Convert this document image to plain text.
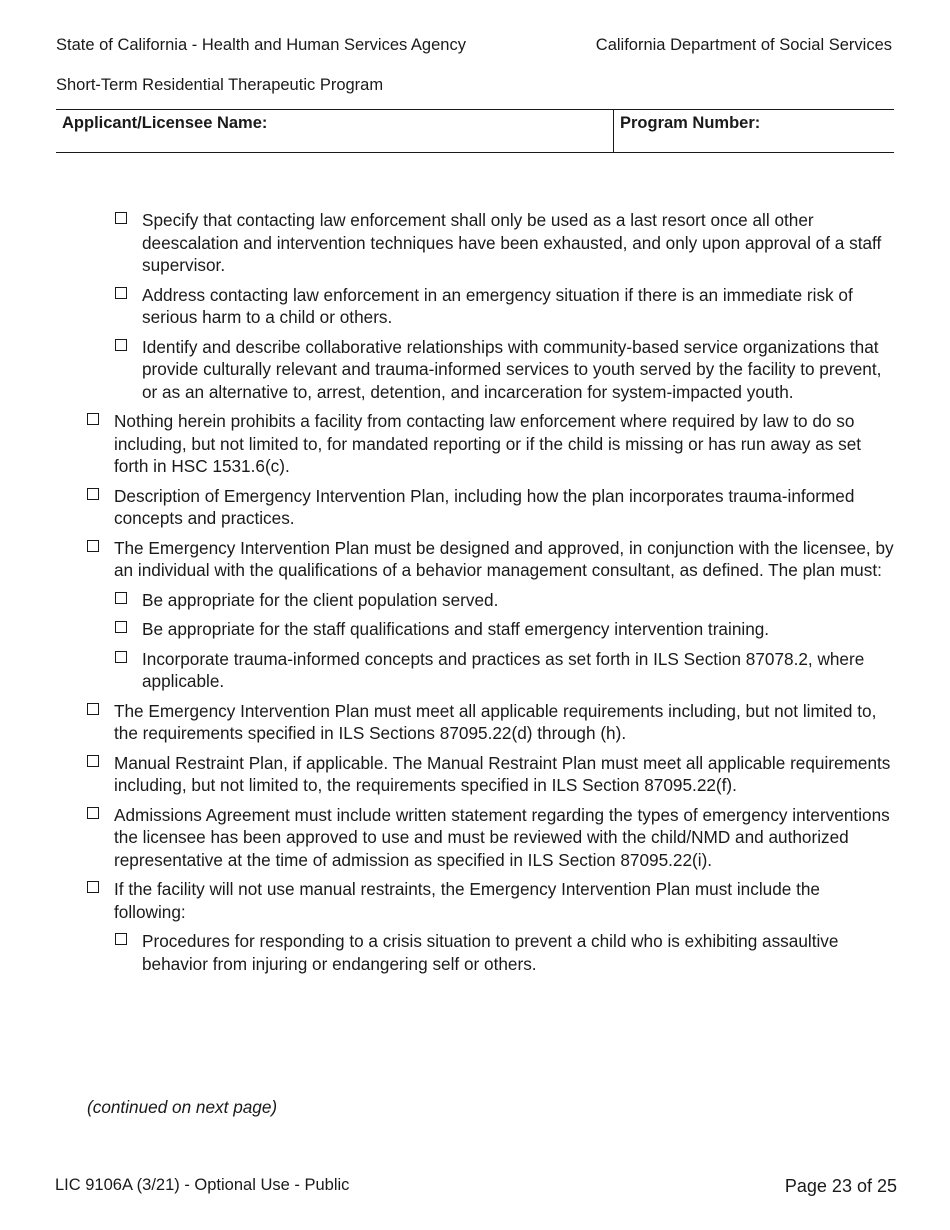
State of California - Health and Human Services Agency	California Department of Social Services
Short-Term Residential Therapeutic Program
Applicant/Licensee Name:	Program Number:
Specify that contacting law enforcement shall only be used as a last resort once all other deescalation and intervention techniques have been exhausted, and only upon approval of a staff supervisor.
Address contacting law enforcement in an emergency situation if there is an immediate risk of serious harm to a child or others.
Identify and describe collaborative relationships with community-based service organizations that provide culturally relevant and trauma-informed services to youth served by the facility to prevent, or as an alternative to, arrest, detention, and incarceration for system-impacted youth.
Nothing herein prohibits a facility from contacting law enforcement where required by law to do so including, but not limited to, for mandated reporting or if the child is missing or has run away as set forth in HSC 1531.6(c).
Description of Emergency Intervention Plan, including how the plan incorporates trauma-informed concepts and practices.
The Emergency Intervention Plan must be designed and approved, in conjunction with the licensee, by an individual with the qualifications of a behavior management consultant, as defined. The plan must:
Be appropriate for the client population served.
Be appropriate for the staff qualifications and staff emergency intervention training.
Incorporate trauma-informed concepts and practices as set forth in ILS Section 87078.2, where applicable.
The Emergency Intervention Plan must meet all applicable requirements including, but not limited to, the requirements specified in ILS Sections 87095.22(d) through (h).
Manual Restraint Plan, if applicable. The Manual Restraint Plan must meet all applicable requirements including, but not limited to, the requirements specified in ILS Section 87095.22(f).
Admissions Agreement must include written statement regarding the types of emergency interventions the licensee has been approved to use and must be reviewed with the child/NMD and authorized representative at the time of admission as specified in ILS Section 87095.22(i).
If the facility will not use manual restraints, the Emergency Intervention Plan must include the following:
Procedures for responding to a crisis situation to prevent a child who is exhibiting assaultive behavior from injuring or endangering self or others.
(continued on next page)
LIC 9106A (3/21) - Optional Use - Public	Page 23 of 25
